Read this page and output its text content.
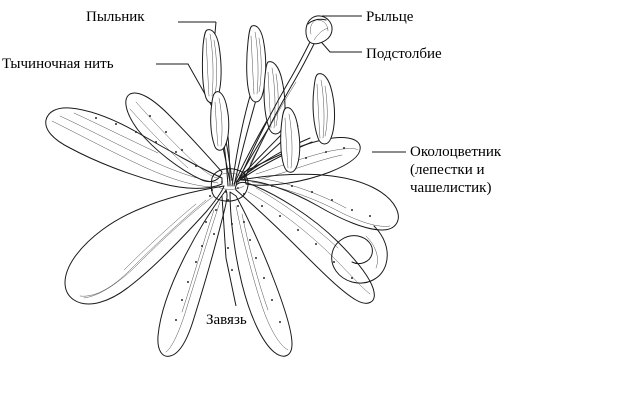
Пыльник	Рыльце
Подстолбие
Тычиночная нить
Околоцветник (лепестки и чашелистик)
Завязь
